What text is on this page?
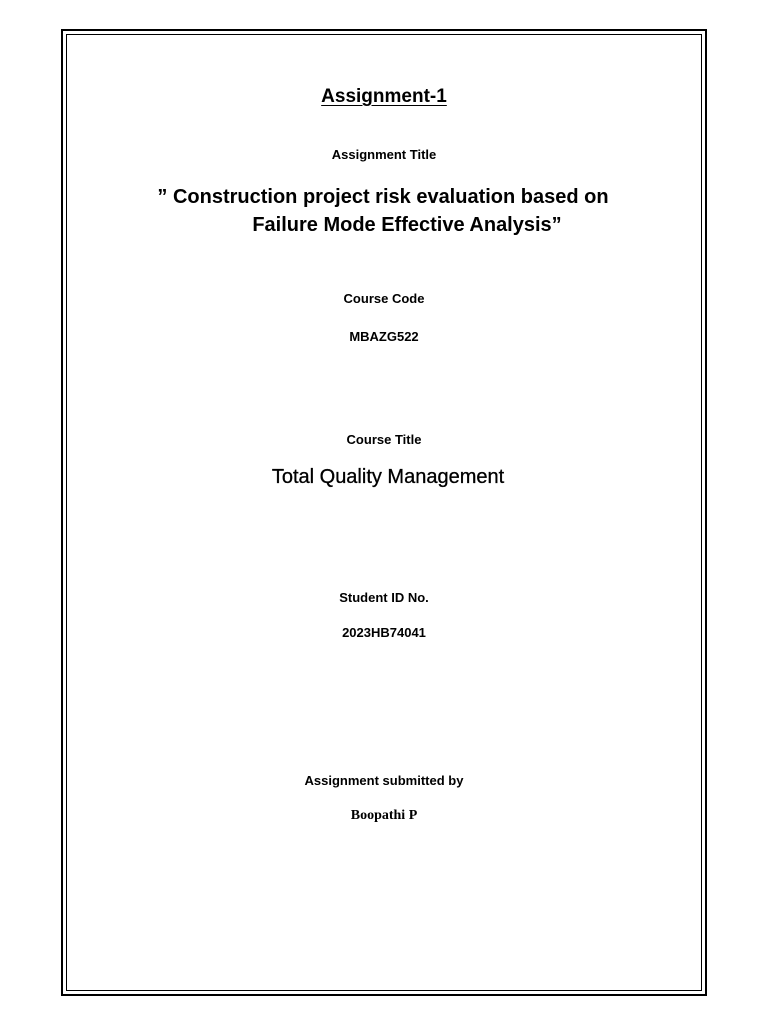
Assignment-1

Assignment Title

” Construction project risk evaluation based on

Failure Mode Effective Analysis”

Course Code

MBAZG522

Course Title

Total Quality Management

Student ID No.

2023HB74041

Assignment submitted by

Boopathi P
